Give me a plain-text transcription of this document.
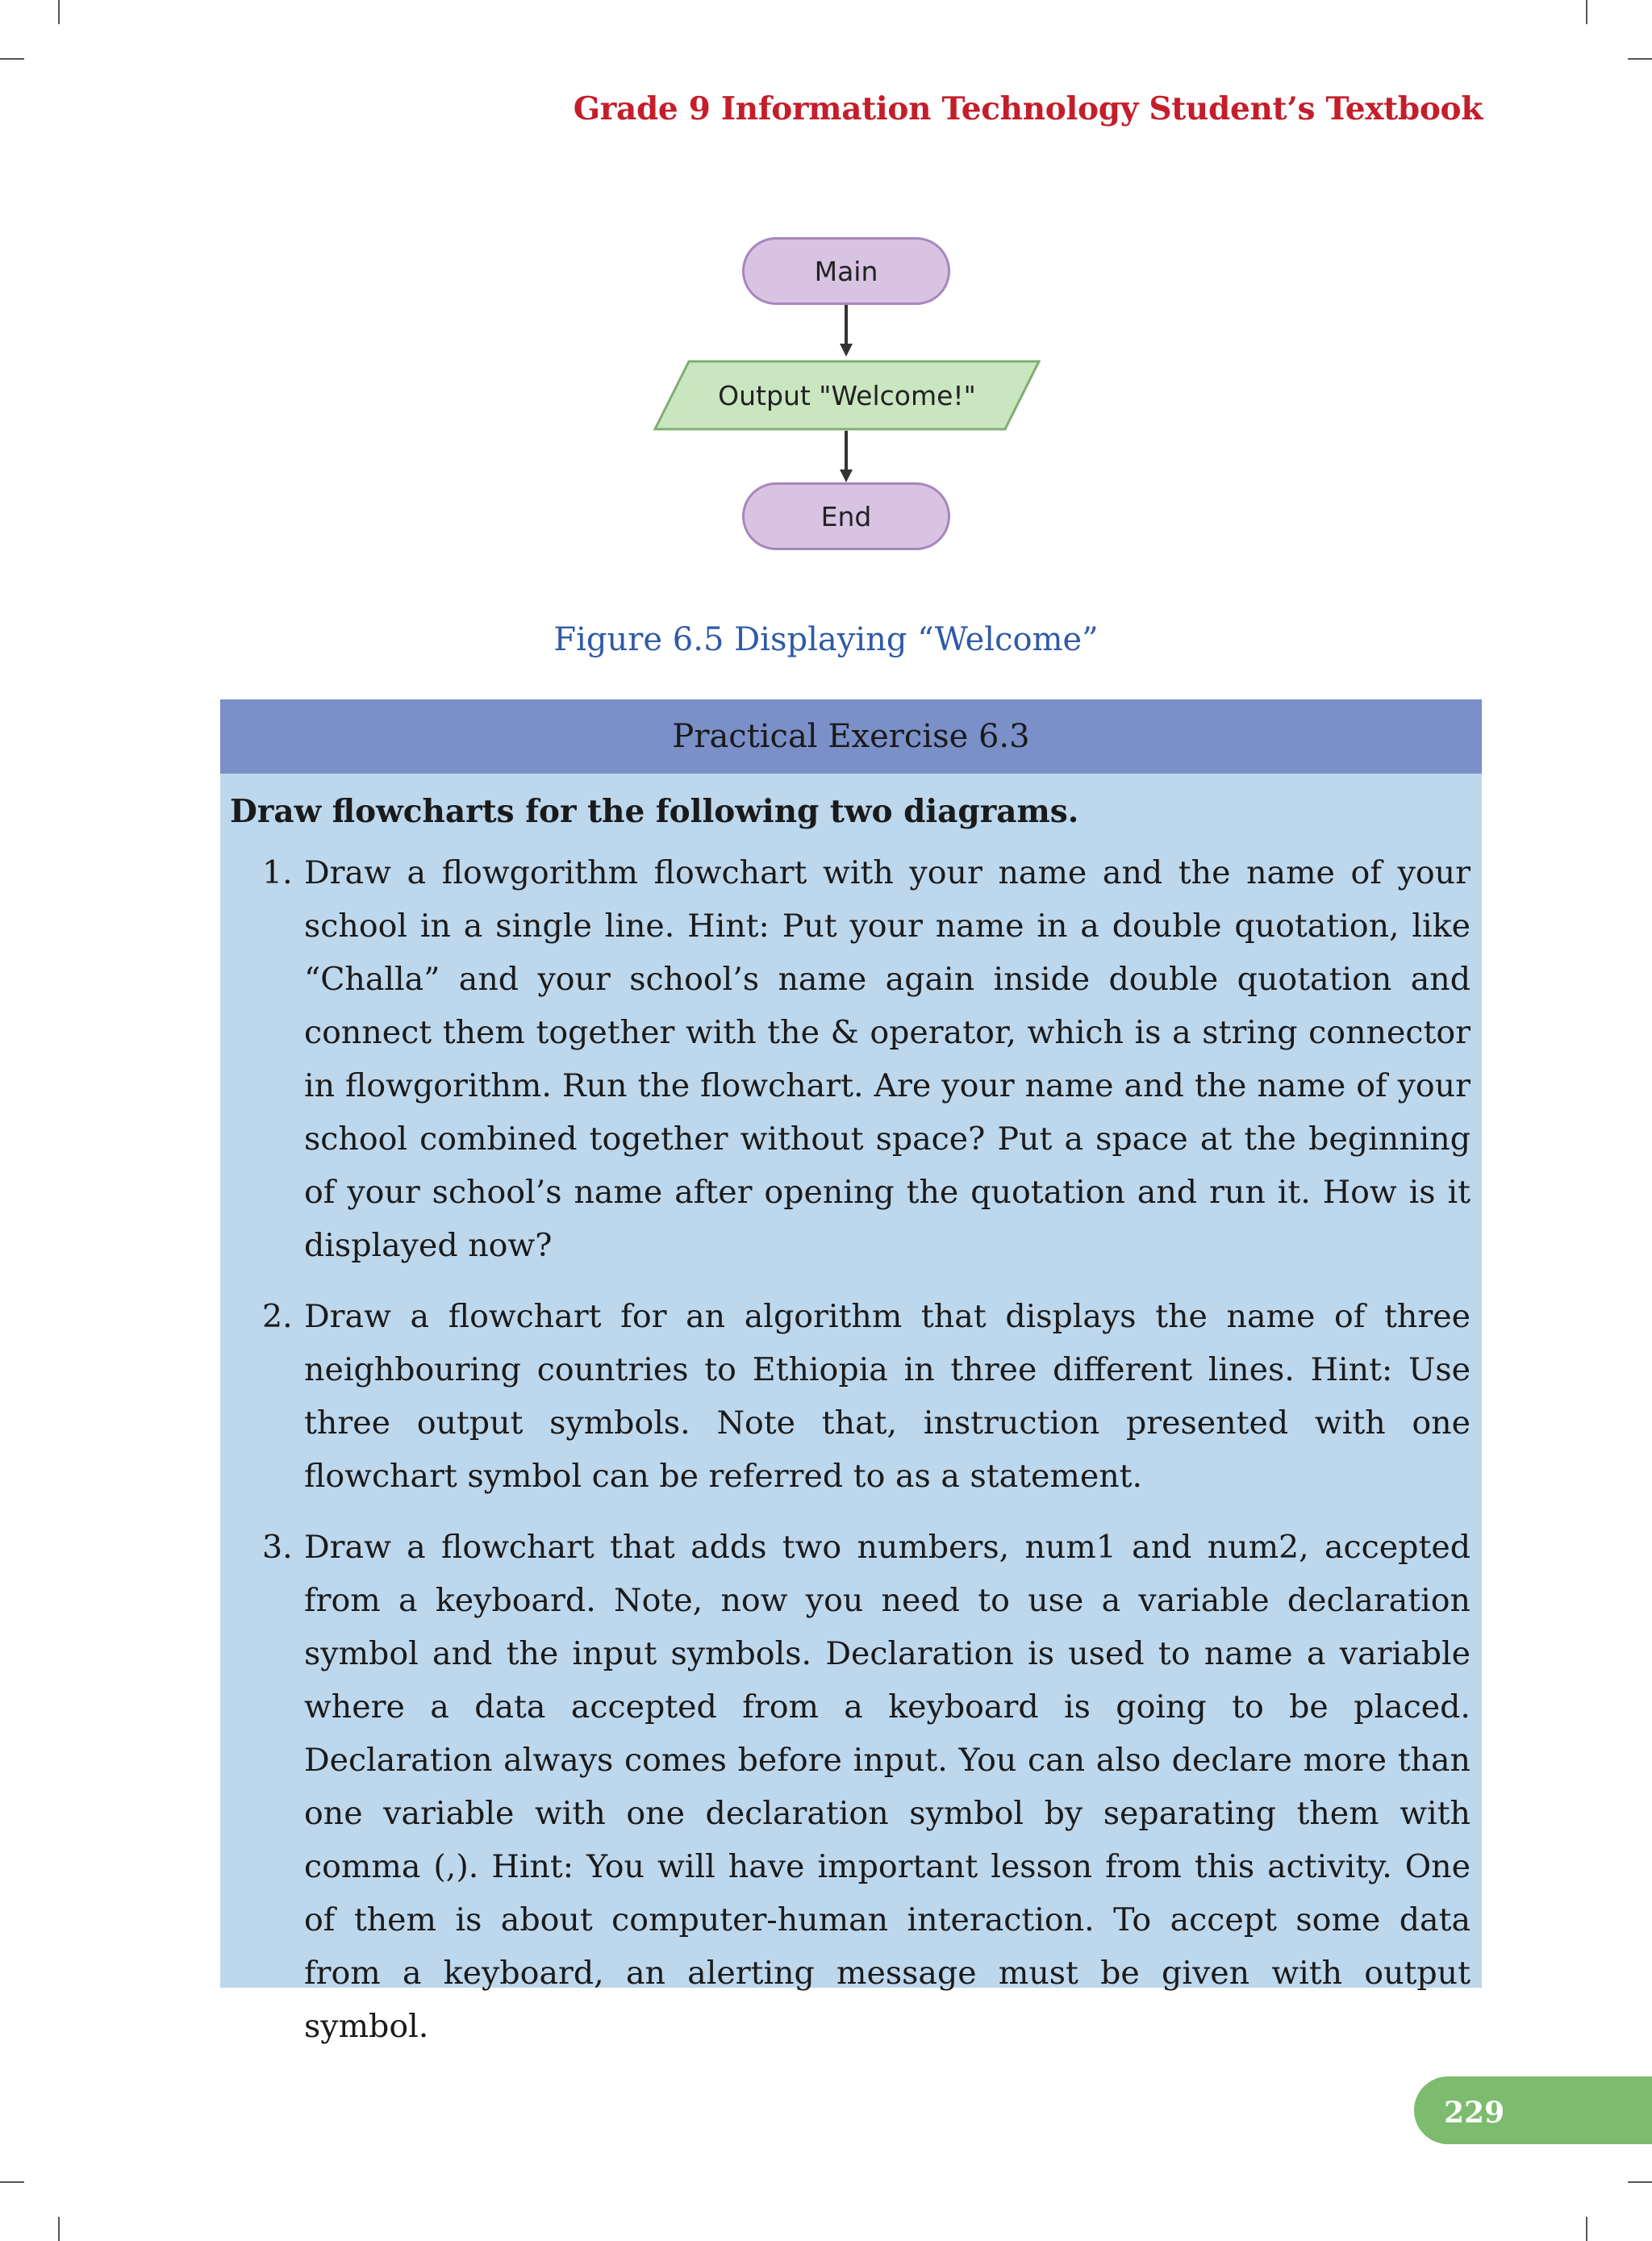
Grade 9 Information Technology Student’s Textbook
Main
Output "Welcome!"
End
Figure 6.5 Displaying “Welcome”
Practical Exercise 6.3
Draw flowcharts for the following two diagrams.
1. Draw a flowgorithm flowchart with your name and the name of your school in a single line. Hint: Put your name in a double quotation, like “Challa” and your school’s name again inside double quotation and connect them together with the & operator, which is a string connector in flowgorithm. Run the flowchart. Are your name and the name of your school combined together without space? Put a space at the beginning of your school’s name after opening the quotation and run it. How is it displayed now?
2. Draw a flowchart for an algorithm that displays the name of three neighbouring countries to Ethiopia in three different lines. Hint: Use three output symbols. Note that, instruction presented with one flowchart symbol can be referred to as a statement.
3. Draw a flowchart that adds two numbers, num1 and num2, accepted from a keyboard. Note, now you need to use a variable declaration symbol and the input symbols. Declaration is used to name a variable where a data accepted from a keyboard is going to be placed. Declaration always comes before input. You can also declare more than one variable with one declaration symbol by separating them with comma (,). Hint: You will have important lesson from this activity. One of them is about computer-human interaction. To accept some data from a keyboard, an alerting message must be given with output symbol.
229
